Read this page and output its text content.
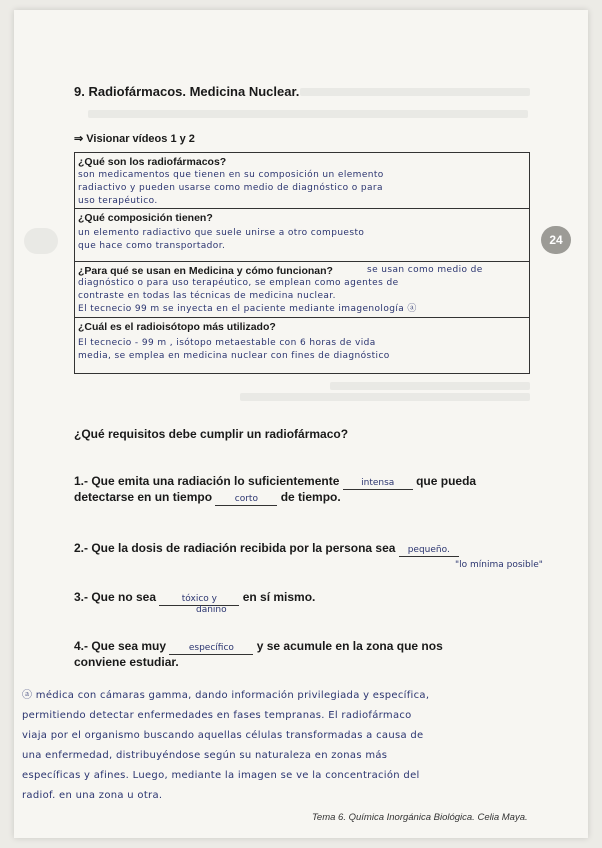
9. Radiofármacos. Medicina Nuclear.
⇒ Visionar vídeos 1 y 2
¿Qué son los radiofármacos?
son medicamentos que tienen en su composición un elemento
radiactivo y pueden usarse como medio de diagnóstico o para
uso terapéutico.
¿Qué composición tienen?
un elemento radiactivo que suele unirse a otro compuesto
que hace como transportador.
¿Para qué se usan en Medicina y cómo funcionan?	se usan como medio de
diagnóstico o para uso terapéutico, se emplean como agentes de
contraste en todas las técnicas de medicina nuclear.
El tecnecio 99 m se inyecta en el paciente mediante imagenología ⓐ
¿Cuál es el radioisótopo más utilizado?
El tecnecio - 99 m , isótopo metaestable con 6 horas de vida
media, se emplea en medicina nuclear con fines de diagnóstico
24
¿Qué requisitos debe cumplir un radiofármaco?
1.- Que emita una radiación lo suficientemente intensa que pueda
detectarse en un tiempo corto de tiempo.
2.- Que la dosis de radiación recibida por la persona sea pequeño.
"lo mínima posible"
3.- Que no sea tóxico y en sí mismo.
dañino
4.- Que sea muy específico y se acumule en la zona que nos
conviene estudiar.
ⓐ médica con cámaras gamma, dando información privilegiada y específica,
permitiendo detectar enfermedades en fases tempranas. El radiofármaco
viaja por el organismo buscando aquellas células transformadas a causa de
una enfermedad, distribuyéndose según su naturaleza en zonas más
específicas y afines. Luego, mediante la imagen se ve la concentración del
radiof. en una zona u otra.
Tema 6. Química Inorgánica Biológica. Celia Maya.
